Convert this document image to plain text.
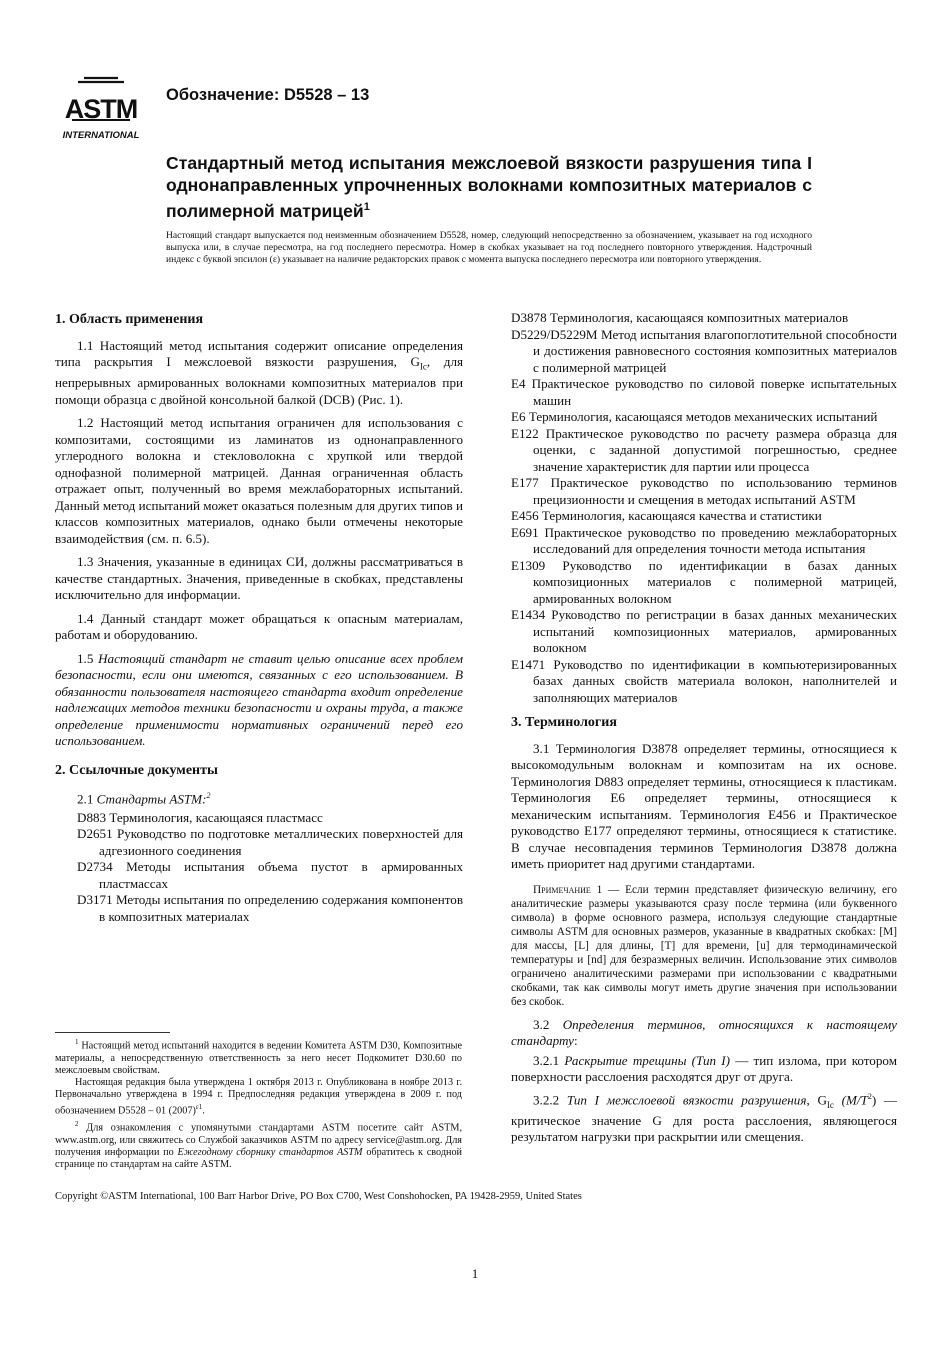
ASTM
INTERNATIONAL
Обозначение: D5528 – 13
Стандартный метод испытания межслоевой вязкости разрушения типа I однонаправленных упрочненных волокнами композитных материалов с полимерной матрицей$^1$
Настоящий стандарт выпускается под неизменным обозначением D5528, номер, следующий непосредственно за обозначением, указывает на год исходного выпуска или, в случае пересмотра, на год последнего пересмотра. Номер в скобках указывает на год последнего повторного утверждения. Надстрочный индекс с буквой эпсилон (ε) указывает на наличие редакторских правок с момента выпуска последнего пересмотра или повторного утверждения.
1. Область применения

1.1 Настоящий метод испытания содержит описание определения типа раскрытия I межслоевой вязкости разрушения, $G_{Ic}$, для непрерывных армированных волокнами композитных материалов при помощи образца с двойной консольной балкой (DCB) (Рис. 1).

1.2 Настоящий метод испытания ограничен для использования с композитами, состоящими из ламинатов из однонаправленного углеродного волокна и стекловолокна с хрупкой или твердой однофазной полимерной матрицей. Данная ограниченная область отражает опыт, полученный во время межлабораторных испытаний. Данный метод испытаний может оказаться полезным для других типов и классов композитных материалов, однако были отмечены некоторые взаимодействия (см. п. 6.5).

1.3 Значения, указанные в единицах СИ, должны рассматриваться в качестве стандартных. Значения, приведенные в скобках, представлены исключительно для информации.

1.4 Данный стандарт может обращаться к опасным материалам, работам и оборудованию.

1.5 Настоящий стандарт не ставит целью описание всех проблем безопасности, если они имеются, связанных с его использованием. В обязанности пользователя настоящего стандарта входит определение надлежащих методов техники безопасности и охраны труда, а также определение применимости нормативных ограничений перед его использованием.

2. Ссылочные документы

2.1 Стандарты ASTM:$^2$

D883 Терминология, касающаяся пластмасс

D2651 Руководство по подготовке металлических поверхностей для адгезионного соединения

D2734 Методы испытания объема пустот в армированных пластмассах

D3171 Методы испытания по определению содержания компонентов в композитных материалах

$^1$ Настоящий метод испытаний находится в ведении Комитета ASTM D30, Композитные материалы, а непосредственную ответственность за него несет Подкомитет D30.60 по межслоевым свойствам.

Настоящая редакция была утверждена 1 октября 2013 г. Опубликована в ноябре 2013 г. Первоначально утверждена в 1994 г. Предпоследняя редакция утверждена в 2009 г. под обозначением D5528 – 01 $(2007)^{\varepsilon 1}$.

$^2$ Для ознакомления с упомянутыми стандартами ASTM посетите сайт ASTM, www.astm.org, или свяжитесь со Службой заказчиков ASTM по адресу service@astm.org. Для получения информации по Ежегодному сборнику стандартов ASTM обратитесь к сводной странице по стандартам на сайте ASTM.

D3878 Терминология, касающаяся композитных материалов

D5229/D5229M Метод испытания влагопоглотительной способности и достижения равновесного состояния композитных материалов с полимерной матрицей

E4 Практическое руководство по силовой поверке испытательных машин

E6 Терминология, касающаяся методов механических испытаний

E122 Практическое руководство по расчету размера образца для оценки, с заданной допустимой погрешностью, среднее значение характеристик для партии или процесса

E177 Практическое руководство по использованию терминов прецизионности и смещения в методах испытаний ASTM

E456 Терминология, касающаяся качества и статистики

E691 Практическое руководство по проведению межлабораторных исследований для определения точности метода испытания

E1309 Руководство по идентификации в базах данных композиционных материалов с полимерной матрицей, армированных волокном

E1434 Руководство по регистрации в базах данных механических испытаний композиционных материалов, армированных волокном

E1471 Руководство по идентификации в компьютеризированных базах данных свойств материала волокон, наполнителей и заполняющих материалов

3. Терминология

3.1 Терминология D3878 определяет термины, относящиеся к высокомодульным волокнам и композитам на их основе. Терминология D883 определяет термины, относящиеся к пластикам. Терминология E6 определяет термины, относящиеся к механическим испытаниям. Терминология E456 и Практическое руководство E177 определяют термины, относящиеся к статистике. В случае несовпадения терминов Терминология D3878 должна иметь приоритет над другими стандартами.

Примечание 1 — Если термин представляет физическую величину, его аналитические размеры указываются сразу после термина (или буквенного символа) в форме основного размера, используя следующие стандартные символы ASTM для основных размеров, указанные в квадратных скобках: [M] для массы, [L] для длины, [T] для времени, [u] для термодинамической температуры и [nd] для безразмерных величин. Использование этих символов ограничено аналитическими размерами при использовании с квадратными скобками, так как символы могут иметь другие значения при использовании без скобок.

3.2 Определения терминов, относящихся к настоящему стандарту:

3.2.1 Раскрытие трещины (Тип I) — тип излома, при котором поверхности расслоения расходятся друг от друга.

3.2.2 Тип I межслоевой вязкости разрушения, $G_{Ic}$ $(M/T^2)$ — критическое значение G для роста расслоения, являющегося результатом нагрузки при раскрытии или смещения.

Copyright ©ASTM International, 100 Barr Harbor Drive, PO Box C700, West Conshohocken, PA 19428-2959, United States
1
